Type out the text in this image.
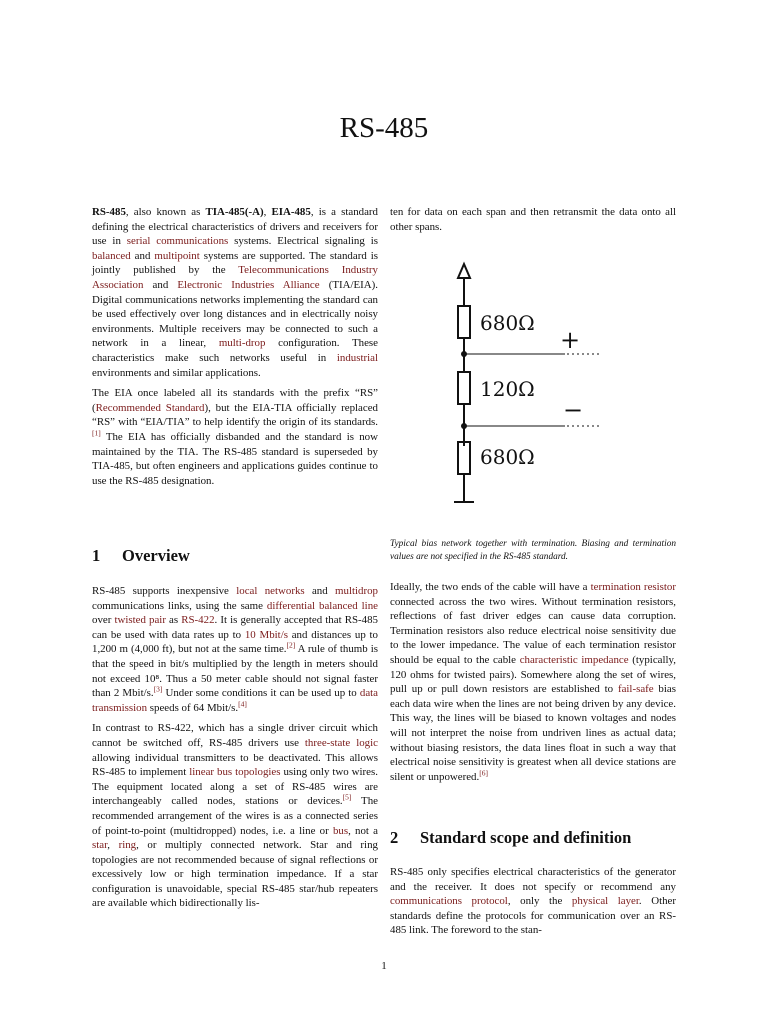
RS-485

RS-485, also known as TIA-485(-A), EIA-485, is a standard defining the electrical characteristics of drivers and receivers for use in serial communications systems. Electrical signaling is balanced and multipoint systems are supported. The standard is jointly published by the Telecommunications Industry Association and Electronic Industries Alliance (TIA/EIA). Digital communications networks implementing the standard can be used effectively over long distances and in electrically noisy environments. Multiple receivers may be connected to such a network in a linear, multi-drop configuration. These characteristics make such networks useful in industrial environments and similar applications.

The EIA once labeled all its standards with the prefix “RS” (Recommended Standard), but the EIA-TIA officially replaced “RS” with “EIA/TIA” to help identify the origin of its standards.[1] The EIA has officially disbanded and the standard is now maintained by the TIA. The RS-485 standard is superseded by TIA-485, but often engineers and applications guides continue to use the RS-485 designation.

ten for data on each span and then retransmit the data onto all other spans.

680Ω
120Ω
680Ω
+
−
Typical bias network together with termination. Biasing and termination values are not specified in the RS-485 standard.
1 Overview

RS-485 supports inexpensive local networks and multidrop communications links, using the same differential balanced line over twisted pair as RS-422. It is generally accepted that RS-485 can be used with data rates up to 10 Mbit/s and distances up to 1,200 m (4,000 ft), but not at the same time.[2] A rule of thumb is that the speed in bit/s multiplied by the length in meters should not exceed 10⁸. Thus a 50 meter cable should not signal faster than 2 Mbit/s.[3] Under some conditions it can be used up to data transmission speeds of 64 Mbit/s.[4]

In contrast to RS-422, which has a single driver circuit which cannot be switched off, RS-485 drivers use three-state logic allowing individual transmitters to be deactivated. This allows RS-485 to implement linear bus topologies using only two wires. The equipment located along a set of RS-485 wires are interchangeably called nodes, stations or devices.[5] The recommended arrangement of the wires is as a connected series of point-to-point (multidropped) nodes, i.e. a line or bus, not a star, ring, or multiply connected network. Star and ring topologies are not recommended because of signal reflections or excessively low or high termination impedance. If a star configuration is unavoidable, special RS-485 star/hub repeaters are available which bidirectionally lis-

Ideally, the two ends of the cable will have a termination resistor connected across the two wires. Without termination resistors, reflections of fast driver edges can cause data corruption. Termination resistors also reduce electrical noise sensitivity due to the lower impedance. The value of each termination resistor should be equal to the cable characteristic impedance (typically, 120 ohms for twisted pairs). Somewhere along the set of wires, pull up or pull down resistors are established to fail-safe bias each data wire when the lines are not being driven by any device. This way, the lines will be biased to known voltages and nodes will not interpret the noise from undriven lines as actual data; without biasing resistors, the data lines float in such a way that electrical noise sensitivity is greatest when all device stations are silent or unpowered.[6]

2 Standard scope and definition

RS-485 only specifies electrical characteristics of the generator and the receiver. It does not specify or recommend any communications protocol, only the physical layer. Other standards define the protocols for communication over an RS-485 link. The foreword to the stan-

1
